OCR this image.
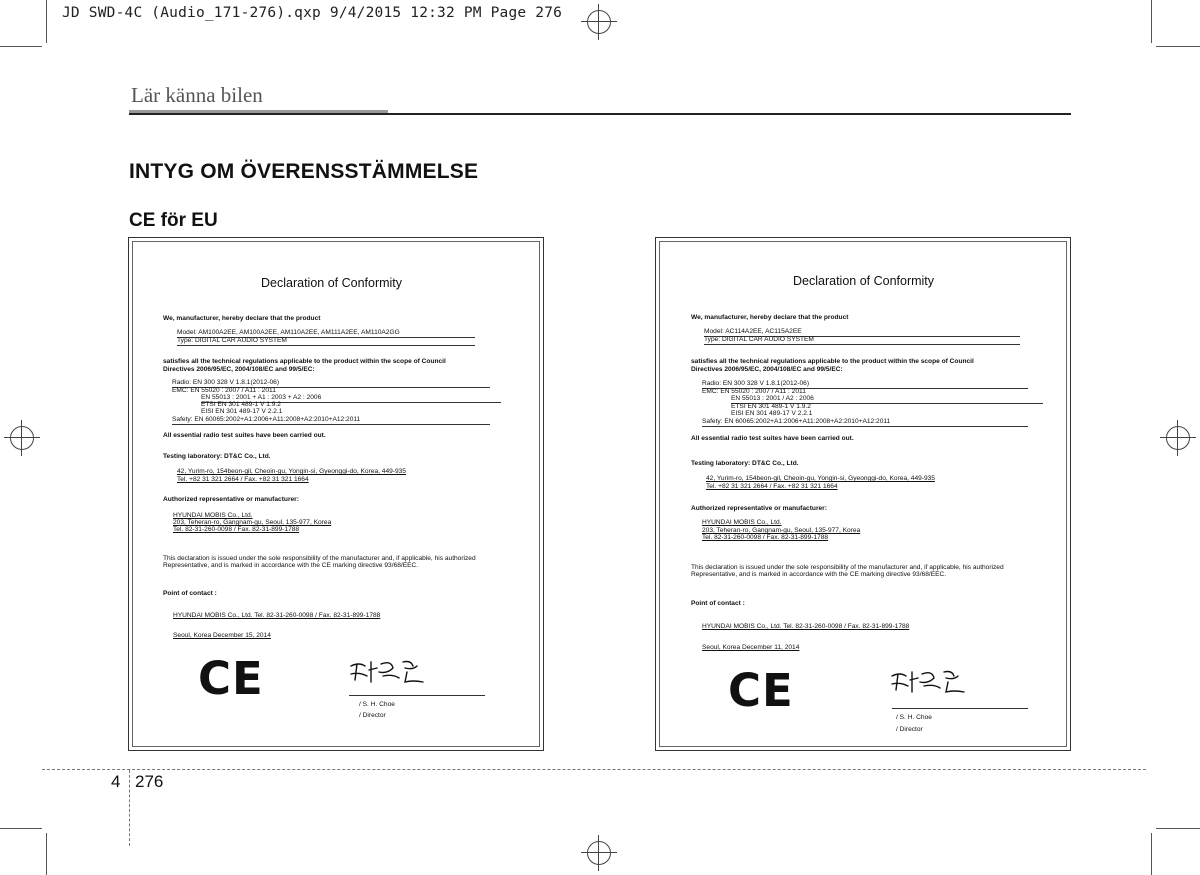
JD SWD-4C (Audio_171-276).qxp 9/4/2015 12:32 PM Page 276
Lär känna bilen
INTYG OM ÖVERENSSTÄMMELSE
CE för EU
Declaration of Conformity
We, manufacturer, hereby declare that the product
Model: AM100A2EE, AM100A2EE, AM110A2EE, AM111A2EE, AM110A2GG
Type: DIGITAL CAR AUDIO SYSTEM
satisfies all the technical regulations applicable to the product within the scope of Council
Directives 2006/95/EC, 2004/108/EC and 99/5/EC:
Radio: EN 300 328 V 1.8.1(2012-06)
EMC: EN 55020 : 2007 / A11 : 2011
EN 55013 : 2001 + A1 : 2003 + A2 : 2006
ETSI EN 301 489-1 V 1.9.2
EISI EN 301 489-17 V 2.2.1
Safety: EN 60065:2002+A1:2006+A11:2008+A2:2010+A12:2011
All essential radio test suites have been carried out.
Testing laboratory: DT&C Co., Ltd.
42, Yurim-ro, 154beon-gil, Cheoin-gu, Yongin-si, Gyeonggi-do, Korea, 449-935
Tel. +82 31 321 2664 / Fax. +82 31 321 1664
Authorized representative or manufacturer:
HYUNDAI MOBIS Co., Ltd.
203, Teheran-ro, Gangnam-gu, Seoul, 135-977, Korea
Tel. 82-31-260-0098 / Fax. 82-31-899-1788
This declaration is issued under the sole responsibility of the manufacturer and, if applicable, his authorized
Representative, and is marked in accordance with the CE marking directive 93/68/EEC.
Point of contact :
HYUNDAI MOBIS Co., Ltd. Tel. 82-31-260-0098 / Fax. 82-31-899-1788
Seoul, Korea December 15, 2014
CE	/ S. H. Choe
/ Director
Declaration of Conformity
We, manufacturer, hereby declare that the product
Model: AC114A2EE, AC115A2EE
Type: DIGITAL CAR AUDIO SYSTEM
satisfies all the technical regulations applicable to the product within the scope of Council
Directives 2006/95/EC, 2004/108/EC and 99/5/EC:
Radio: EN 300 328 V 1.8.1(2012-06)
EMC: EN 55020 : 2007 / A11 : 2011
EN 55013 : 2001 / A2 : 2006
ETSI EN 301 489-1 V 1.9.2
EISI EN 301 489-17 V 2.2.1
Safety: EN 60065:2002+A1:2006+A11:2008+A2:2010+A12:2011
All essential radio test suites have been carried out.
Testing laboratory: DT&C Co., Ltd.
42, Yurim-ro, 154beon-gil, Cheoin-gu, Yongin-si, Gyeonggi-do, Korea, 449-935
Tel. +82 31 321 2664 / Fax. +82 31 321 1664
Authorized representative or manufacturer:
HYUNDAI MOBIS Co., Ltd.
203, Teheran-ro, Gangnam-gu, Seoul, 135-977, Korea
Tel. 82-31-260-0098 / Fax. 82-31-899-1788
This declaration is issued under the sole responsibility of the manufacturer and, if applicable, his authorized
Representative, and is marked in accordance with the CE marking directive 93/68/EEC.
Point of contact :
HYUNDAI MOBIS Co., Ltd. Tel. 82-31-260-0098 / Fax. 82-31-899-1788
Seoul, Korea December 11, 2014
CE
/ S. H. Choe
/ Director
4 276
